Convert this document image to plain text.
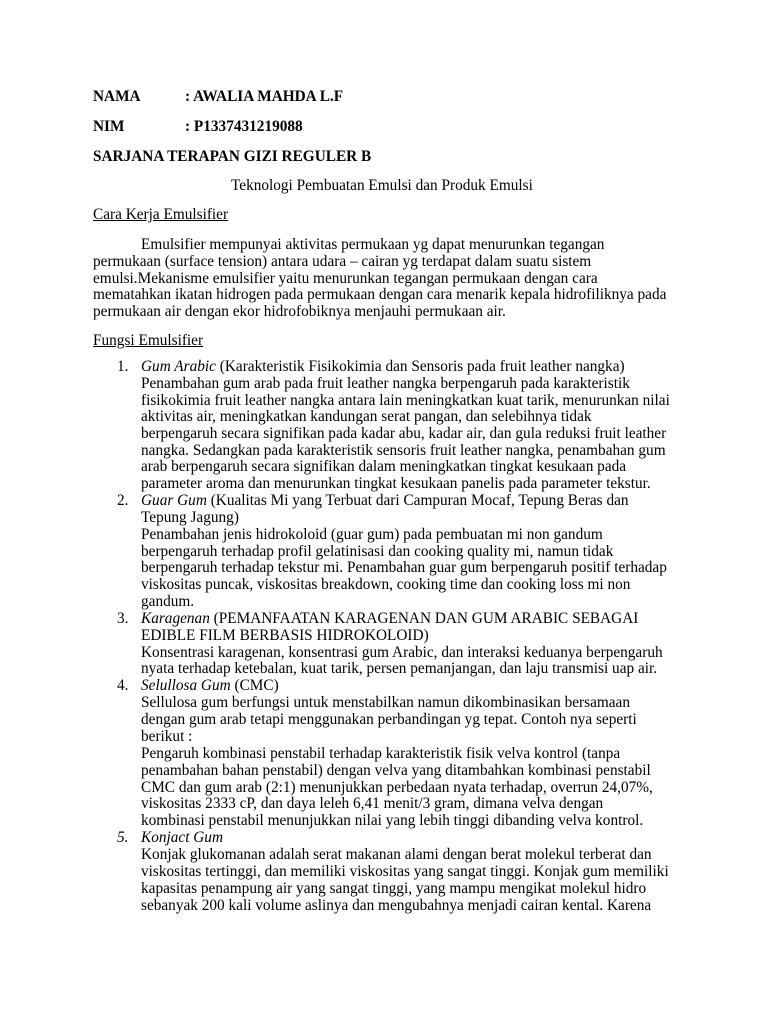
NAMA	: AWALIA MAHDA L.F
NIM	: P1337431219088
SARJANA TERAPAN GIZI REGULER B
Teknologi Pembuatan Emulsi dan Produk Emulsi
Cara Kerja Emulsifier
Emulsifier mempunyai aktivitas permukaan yg dapat menurunkan tegangan
permukaan (surface tension) antara udara – cairan yg terdapat dalam suatu sistem
emulsi.Mekanisme emulsifier yaitu menurunkan tegangan permukaan dengan cara
mematahkan ikatan hidrogen pada permukaan dengan cara menarik kepala hidrofiliknya pada
permukaan air dengan ekor hidrofobiknya menjauhi permukaan air.
Fungsi Emulsifier
1. Gum Arabic (Karakteristik Fisikokimia dan Sensoris pada fruit leather nangka)
Penambahan gum arab pada fruit leather nangka berpengaruh pada karakteristik
fisikokimia fruit leather nangka antara lain meningkatkan kuat tarik, menurunkan nilai
aktivitas air, meningkatkan kandungan serat pangan, dan selebihnya tidak
berpengaruh secara signifikan pada kadar abu, kadar air, dan gula reduksi fruit leather
nangka. Sedangkan pada karakteristik sensoris fruit leather nangka, penambahan gum
arab berpengaruh secara signifikan dalam meningkatkan tingkat kesukaan pada
parameter aroma dan menurunkan tingkat kesukaan panelis pada parameter tekstur.
2. Guar Gum (Kualitas Mi yang Terbuat dari Campuran Mocaf, Tepung Beras dan
Tepung Jagung)
Penambahan jenis hidrokoloid (guar gum) pada pembuatan mi non gandum
berpengaruh terhadap profil gelatinisasi dan cooking quality mi, namun tidak
berpengaruh terhadap tekstur mi. Penambahan guar gum berpengaruh positif terhadap
viskositas puncak, viskositas breakdown, cooking time dan cooking loss mi non
gandum.
3. Karagenan (PEMANFAATAN KARAGENAN DAN GUM ARABIC SEBAGAI
EDIBLE FILM BERBASIS HIDROKOLOID)
Konsentrasi karagenan, konsentrasi gum Arabic, dan interaksi keduanya berpengaruh
nyata terhadap ketebalan, kuat tarik, persen pemanjangan, dan laju transmisi uap air.
4. Selullosa Gum (CMC)
Sellulosa gum berfungsi untuk menstabilkan namun dikombinasikan bersamaan
dengan gum arab tetapi menggunakan perbandingan yg tepat. Contoh nya seperti
berikut :
Pengaruh kombinasi penstabil terhadap karakteristik fisik velva kontrol (tanpa
penambahan bahan penstabil) dengan velva yang ditambahkan kombinasi penstabil
CMC dan gum arab (2:1) menunjukkan perbedaan nyata terhadap, overrun 24,07%,
viskositas 2333 cP, dan daya leleh 6,41 menit/3 gram, dimana velva dengan
kombinasi penstabil menunjukkan nilai yang lebih tinggi dibanding velva kontrol.
5. Konjact Gum
Konjak glukomanan adalah serat makanan alami dengan berat molekul terberat dan
viskositas tertinggi, dan memiliki viskositas yang sangat tinggi. Konjak gum memiliki
kapasitas penampung air yang sangat tinggi, yang mampu mengikat molekul hidro
sebanyak 200 kali volume aslinya dan mengubahnya menjadi cairan kental. Karena
